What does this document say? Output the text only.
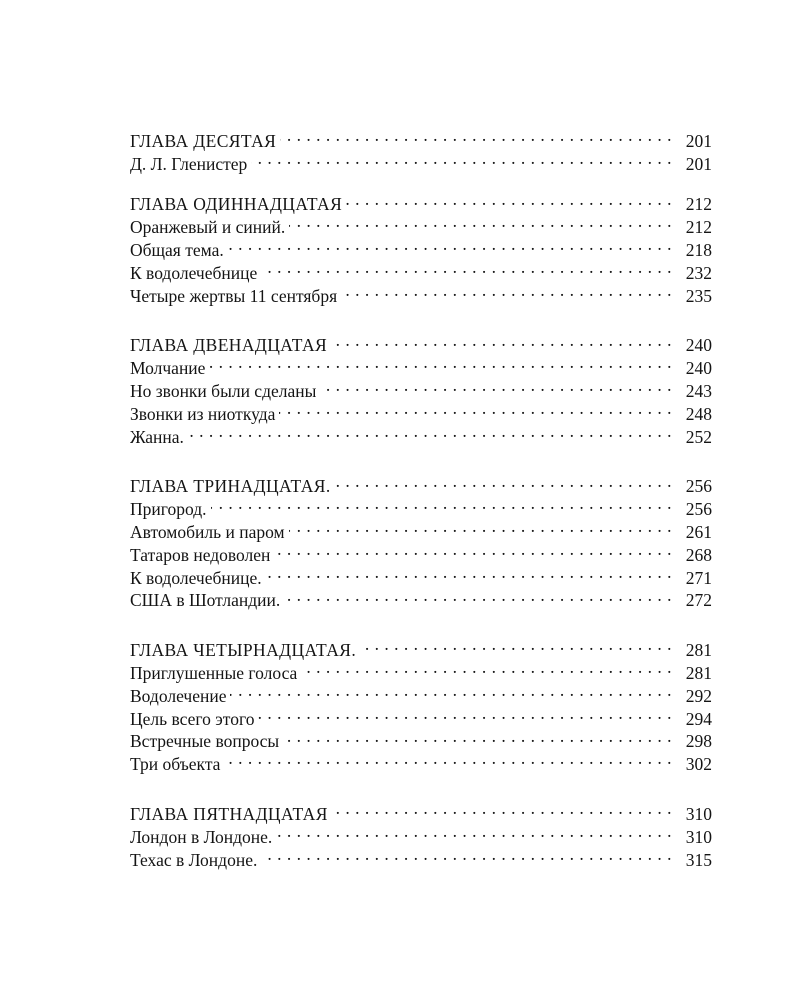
ГЛАВА ДЕСЯТАЯ . . .	201
Д. Л. Гленистер . . .	201
ГЛАВА ОДИННАДЦАТАЯ . . .	212
Оранжевый и синий. . . .	212
Общая тема. . . .	218
К водолечебнице . . .	232
Четыре жертвы 11 сентября . . .	235
ГЛАВА ДВЕНАДЦАТАЯ . . .	240
Молчание . . .	240
Но звонки были сделаны . . .	243
Звонки из ниоткуда . . .	248
Жанна. . . .	252
ГЛАВА ТРИНАДЦАТАЯ. . . .	256
Пригород. . . .	256
Автомобиль и паром . . .	261
Татаров недоволен . . .	268
К водолечебнице. . . .	271
США в Шотландии. . . .	272
ГЛАВА ЧЕТЫРНАДЦАТАЯ. . . .	281
Приглушенные голоса . . .	281
Водолечение . . .	292
Цель всего этого . . .	294
Встречные вопросы . . .	298
Три объекта . . .	302
ГЛАВА ПЯТНАДЦАТАЯ . . .	310
Лондон в Лондоне. . . .	310
Техас в Лондоне. . . .	315
